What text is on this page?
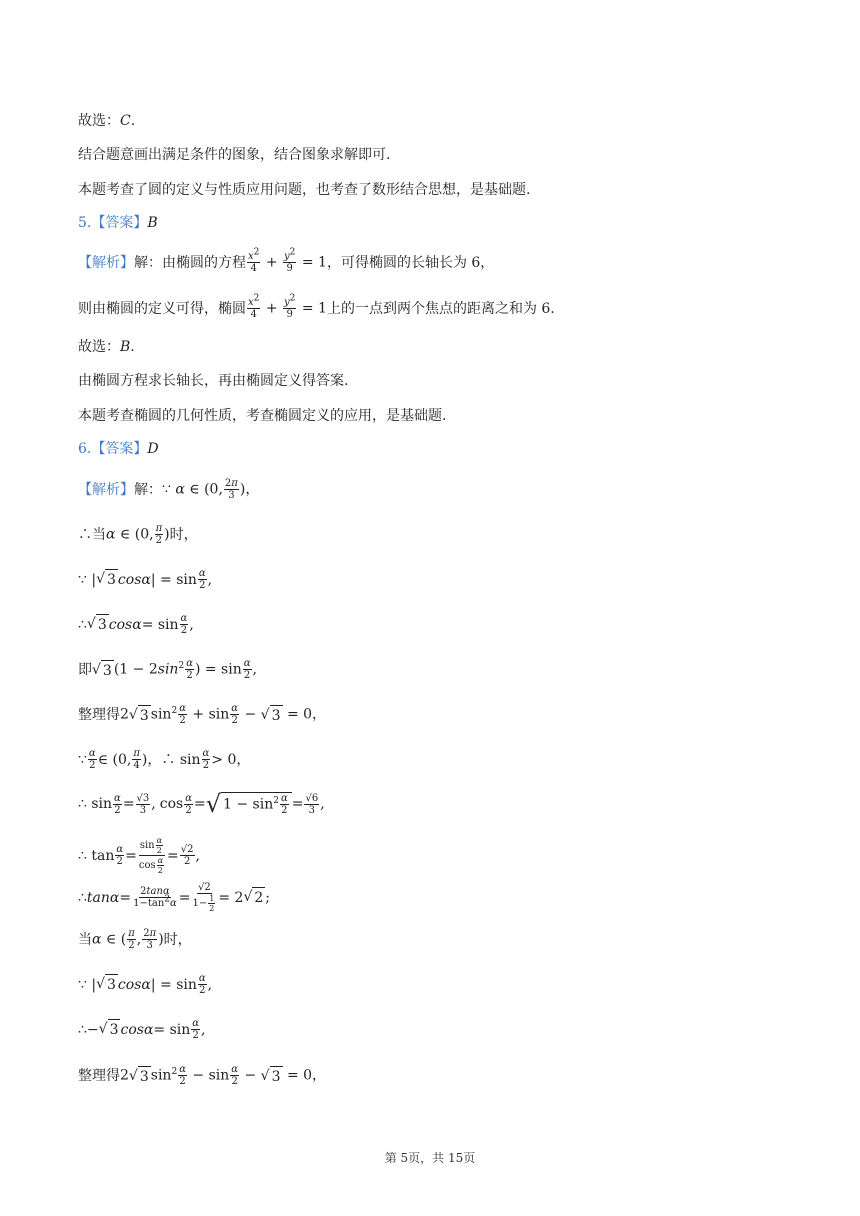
故选： C .
结合题意画出满足条件的图象，结合图象求解即可.
本题考查了圆的定义与性质应用问题，也考查了数形结合思想，是基础题.
5. 【答案】 B
【解析】 解：由椭圆的方程 $\frac{x^2}{4} + \frac{y^2}{9} = 1$ ，可得椭圆的长轴长为 6，
则由椭圆的定义可得，椭圆 $\frac{x^2}{4} + \frac{y^2}{9} = 1$ 上的一点到两个焦点的距离之和为 6.
故选： B .
由椭圆方程求长轴长，再由椭圆定义得答案.
本题考查椭圆的几何性质，考查椭圆定义的应用，是基础题.
6. 【答案】 D
【解析】 解： ∵ α ∈ (0, $\frac{2\pi}{3}$ )，
∴当 α ∈ (0, $\frac{\pi}{2}$ ) 时，
∵ | √ 3 cosα | = $\sin \frac{\alpha}{2}$ ,
∴ √ 3 $\cos\alpha = \sin \frac{\alpha}{2}$ ,
即 √ 3 ($1 - 2\sin^2 \frac{\alpha}{2}$ ) = $\sin \frac{\alpha}{2}$ ,
整理得 2 √ 3 $\sin^2 \frac{\alpha}{2} + \sin \frac{\alpha}{2}$ − √ 3 = 0，
∵ $\frac{\alpha}{2}$ ∈ (0, $\frac{\pi}{4}$ )，∴ $\sin \frac{\alpha}{2} > 0$，
∴ $\sin \frac{\alpha}{2} = \frac{√3}{3}$ ,
$\cos \frac{\alpha}{2}$ = √ $1 - \sin^2 \frac{\alpha}{2} = \frac{√6}{3}$ ,
∴ $\tan \frac{\alpha}{2} = \frac{\sin \frac{\alpha}{2}}{\cos \frac{\alpha}{2}} = \frac{√2}{2}$ ,
∴ $\tan\alpha = \frac{2\tan\alpha}{1-\tan^2\alpha} = \frac{√2}{1- \frac{1}{2}} = 2$ √ 2 ;
当 α ∈ ( $\frac{\pi}{2}$ , $\frac{2\pi}{3}$ ) 时，
∵ | √ 3 cosα | = $\sin \frac{\alpha}{2}$ ,
∴− √ 3 $\cos\alpha = \sin \frac{\alpha}{2}$ ,
整理得 2 √ 3 $\sin^2 \frac{\alpha}{2} - \sin \frac{\alpha}{2}$ − √ 3 = 0，
第 5页，共 15页
